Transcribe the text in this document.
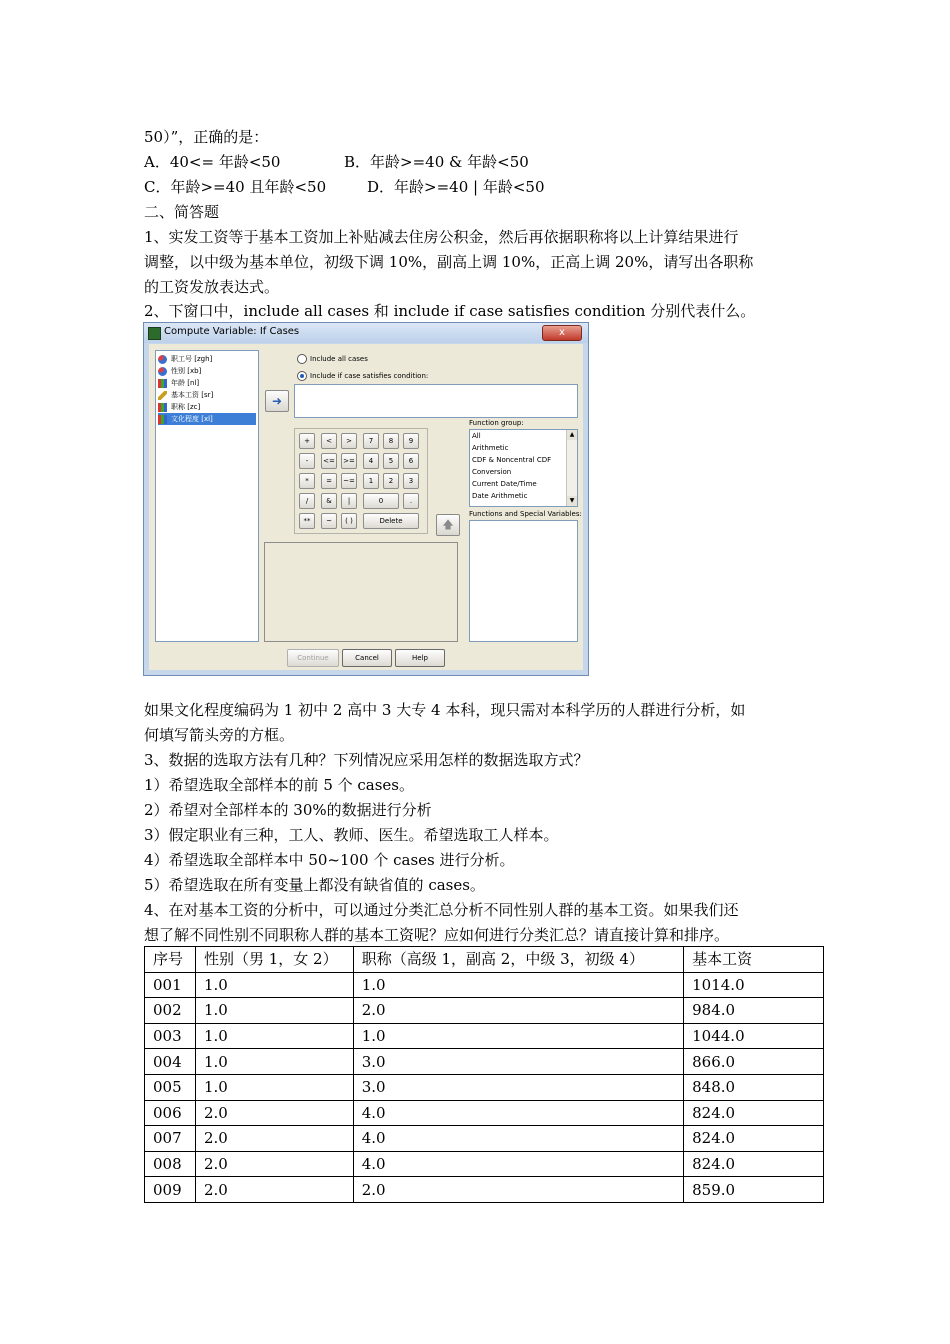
50）”，正确的是：
A．40<= 年龄<50	B．年龄>=40 & 年龄<50
C．年龄>=40 且年龄<50	D．年龄>=40 | 年龄<50
二、简答题
1、实发工资等于基本工资加上补贴减去住房公积金，然后再依据职称将以上计算结果进行
调整，以中级为基本单位，初级下调 10%，副高上调 10%，正高上调 20%，请写出各职称
的工资发放表达式。
2、下窗口中，include all cases 和 include if case satisfies condition 分别代表什么。
Compute Variable: If Cases	x
职工号 [zgh]
性别 [xb]
年龄 [nl]
基本工资 [sr]
职称 [zc]
文化程度 [xl]
Include all cases
Include if case satisfies condition:
➜
+	<	>	7	8	9
-	<=	>=	4	5	6
*	=	~=	1	2	3
/	&	|	0	.
**	~	( )	Delete	🡅
Function group:
All
Arithmetic
CDF & Noncentral CDF
Conversion
Current Date/Time
Date Arithmetic
▲
▼
Functions and Special Variables:
Continue	Cancel	Help
如果文化程度编码为 1 初中 2 高中 3 大专 4 本科，现只需对本科学历的人群进行分析，如
何填写箭头旁的方框。
3、数据的选取方法有几种？下列情况应采用怎样的数据选取方式？
1）希望选取全部样本的前 5 个 cases。
2）希望对全部样本的 30%的数据进行分析
3）假定职业有三种，工人、教师、医生。希望选取工人样本。
4）希望选取全部样本中 50~100 个 cases 进行分析。
5）希望选取在所有变量上都没有缺省值的 cases。
4、在对基本工资的分析中，可以通过分类汇总分析不同性别人群的基本工资。如果我们还
想了解不同性别不同职称人群的基本工资呢？应如何进行分类汇总？请直接计算和排序。
序号	性别（男 1，女 2）	职称（高级 1，副高 2，中级 3，初级 4）	基本工资
001	1.0	1.0	1014.0
002	1.0	2.0	984.0
003	1.0	1.0	1044.0
004	1.0	3.0	866.0
005	1.0	3.0	848.0
006	2.0	4.0	824.0
007	2.0	4.0	824.0
008	2.0	4.0	824.0
009	2.0	2.0	859.0
